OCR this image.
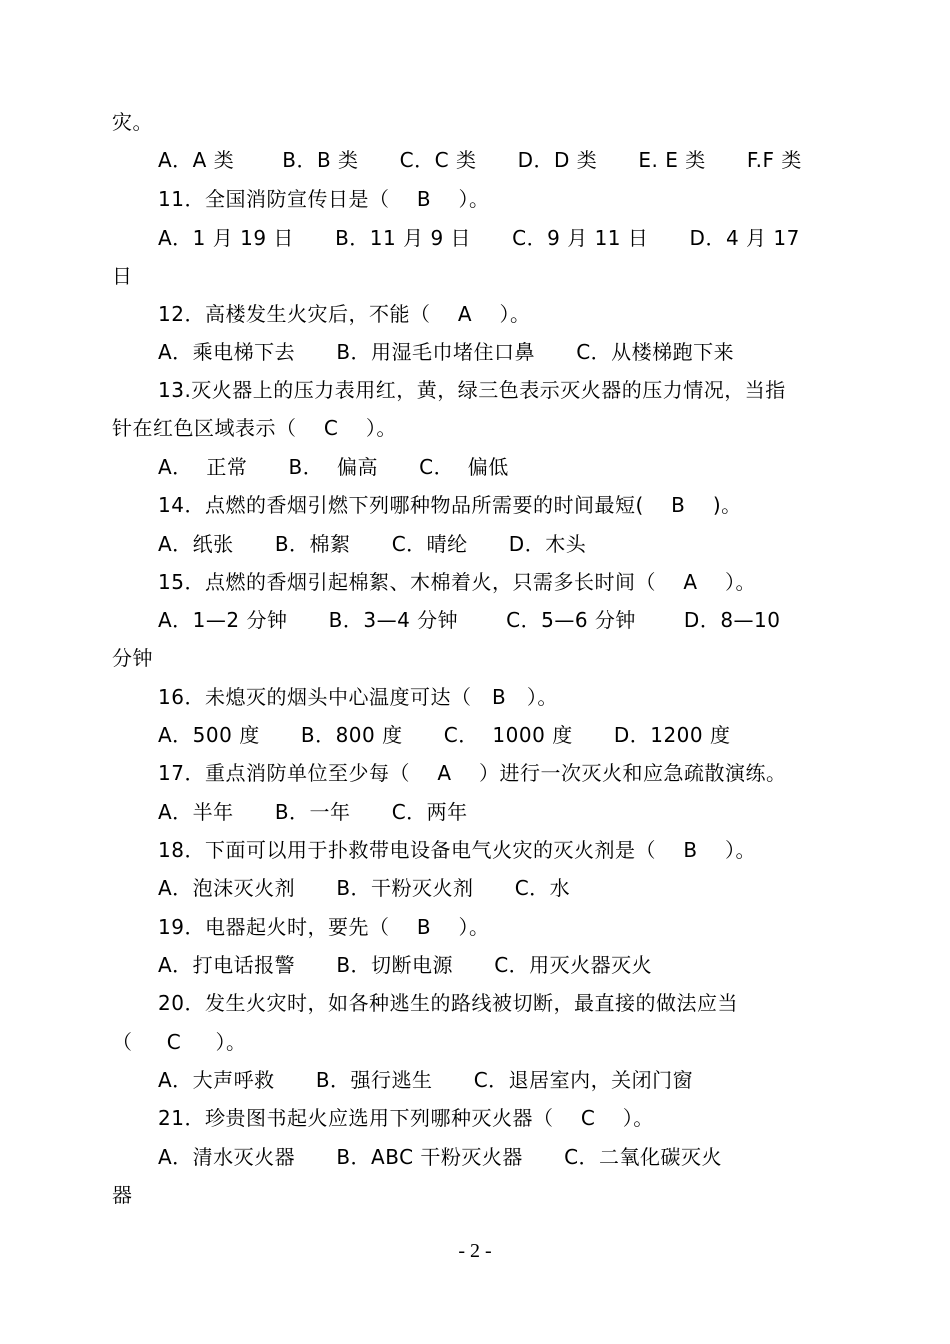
灾。
A．A 类       B．B 类      C．C 类      D．D 类      E. E 类      F.F 类
11．全国消防宣传日是（    B    ）。
A．1 月 19 日      B．11 月 9 日      C．9 月 11 日      D．4 月 17
日
12．高楼发生火灾后，不能（    A    ）。
A．乘电梯下去      B．用湿毛巾堵住口鼻      C．从楼梯跑下来
13.灭火器上的压力表用红，黄，绿三色表示灭火器的压力情况，当指
针在红色区域表示（    C    ）。
A．  正常      B．  偏高      C．  偏低
14．点燃的香烟引燃下列哪种物品所需要的时间最短(    B    )。
A．纸张      B．棉絮      C．晴纶      D．木头
15．点燃的香烟引起棉絮、木棉着火，只需多长时间（    A    ）。
A．1—2 分钟      B．3—4 分钟       C．5—6 分钟       D．8—10
分钟
16．未熄灭的烟头中心温度可达（   B   ）。
A．500 度      B．800 度      C．  1000 度      D．1200 度
17．重点消防单位至少每（    A    ）进行一次灭火和应急疏散演练。
A．半年      B．一年      C．两年
18．下面可以用于扑救带电设备电气火灾的灭火剂是（    B    ）。
A．泡沫灭火剂      B．干粉灭火剂      C．水
19．电器起火时，要先（    B    ）。
A．打电话报警      B．切断电源      C．用灭火器灭火
20．发生火灾时，如各种逃生的路线被切断，最直接的做法应当
（     C     ）。
A．大声呼救      B．强行逃生      C．退居室内，关闭门窗
21．珍贵图书起火应选用下列哪种灭火器（    C    ）。
A．清水灭火器      B．ABC 干粉灭火器      C．二氧化碳灭火
器
- 2 -
